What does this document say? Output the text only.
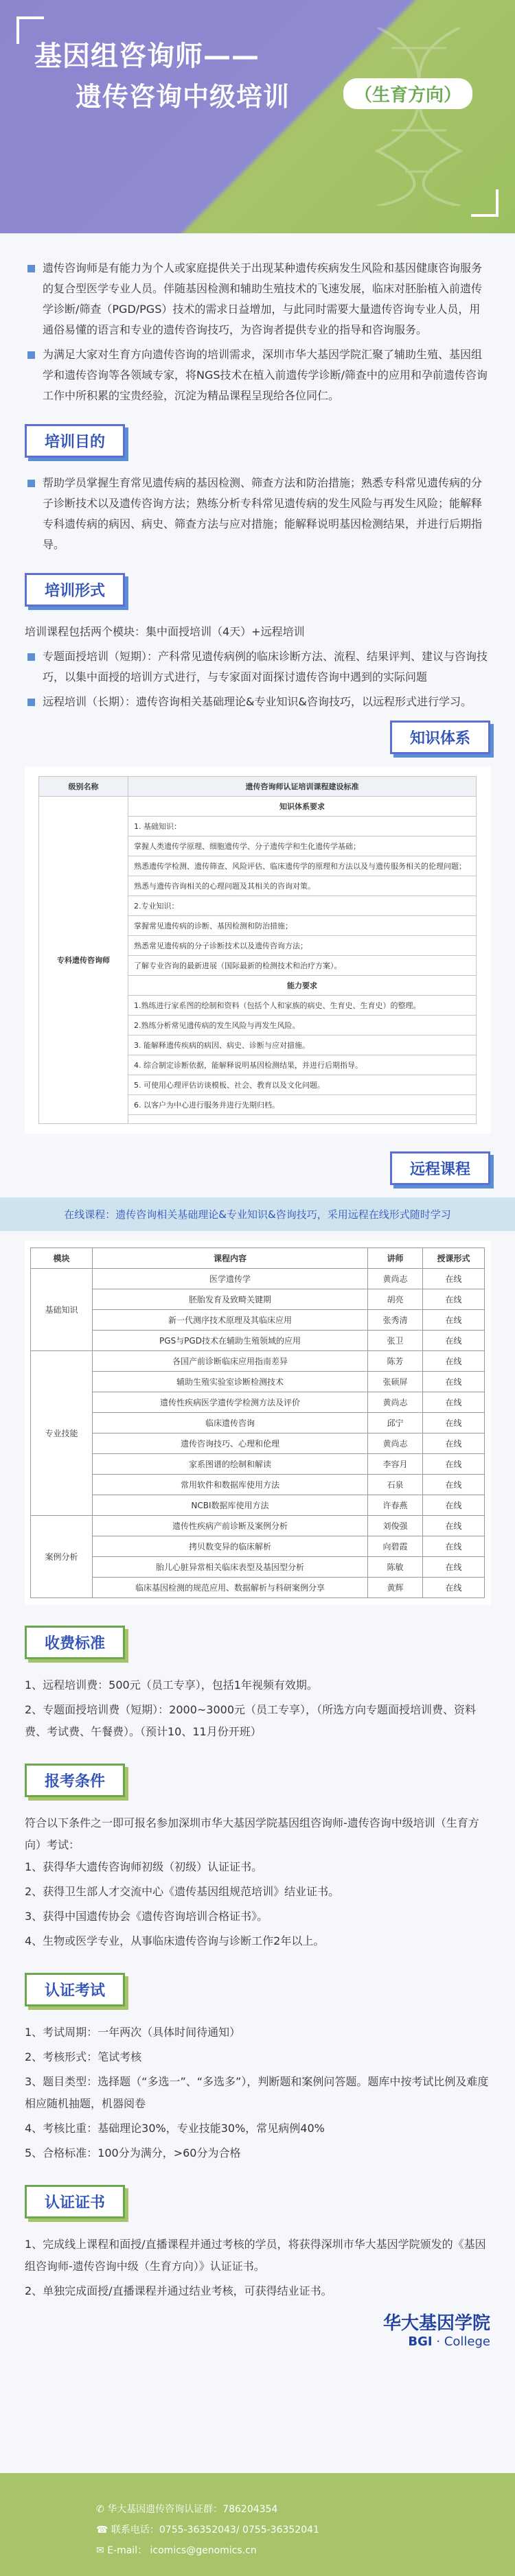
基因组咨询师——
遗传咨询中级培训	（生育方向）
遗传咨询师是有能力为个人或家庭提供关于出现某种遗传疾病发生风险和基因健康咨询服务的复合型医学专业人员。伴随基因检测和辅助生殖技术的飞速发展，临床对胚胎植入前遗传学诊断/筛查（PGD/PGS）技术的需求日益增加，与此同时需要大量遗传咨询专业人员，用通俗易懂的语言和专业的遗传咨询技巧，为咨询者提供专业的指导和咨询服务。
为满足大家对生育方向遗传咨询的培训需求，深圳市华大基因学院汇聚了辅助生殖、基因组学和遗传咨询等各领域专家，将NGS技术在植入前遗传学诊断/筛查中的应用和孕前遗传咨询工作中所积累的宝贵经验，沉淀为精品课程呈现给各位同仁。
培训目的
帮助学员掌握生育常见遗传病的基因检测、筛查方法和防治措施；熟悉专科常见遗传病的分子诊断技术以及遗传咨询方法；熟练分析专科常见遗传病的发生风险与再发生风险；能解释专科遗传病的病因、病史、筛查方法与应对措施；能解释说明基因检测结果，并进行后期指导。
培训形式

培训课程包括两个模块：集中面授培训（4天）+远程培训

专题面授培训（短期）：产科常见遗传病例的临床诊断方法、流程、结果评判、建议与咨询技巧，以集中面授的培训方式进行，与专家面对面探讨遗传咨询中遇到的实际问题
远程培训（长期）：遗传咨询相关基础理论&专业知识&咨询技巧，以远程形式进行学习。
知识体系
级别名称	遗传咨询师认证培训课程建设标准
专科遗传咨询师	知识体系要求
	1. 基础知识：
	掌握人类遗传学原理、细胞遗传学、分子遗传学和生化遗传学基础；
	熟悉遗传学检测、遗传筛查、风险评估、临床遗传学的原理和方法以及与遗传服务相关的伦理问题；
	熟悉与遗传咨询相关的心理问题及其相关的咨询对策。
	2.专业知识：
	掌握常见遗传病的诊断、基因检测和防治措施；
	熟悉常见遗传病的分子诊断技术以及遗传咨询方法；
	了解专业咨询的最新进展（国际最新的检测技术和治疗方案）。
	能力要求
	1.熟练进行家系图的绘制和资料（包括个人和家族的病史、生育史、生育史）的整理。
	2.熟练分析常见遗传病的发生风险与再发生风险。
	3. 能解释遗传疾病的病因、病史、诊断与应对措施。
	4. 综合制定诊断依据，能解释说明基因检测结果，并进行后期指导。
	5. 可使用心理评估访谈模板、社会、教育以及文化问题。
	6. 以客户为中心进行服务并进行先期归档。

远程课程
在线课程：遗传咨询相关基础理论&专业知识&咨询技巧，采用远程在线形式随时学习
模块	课程内容	讲师	授课形式
基础知识	医学遗传学	黄尚志	在线
	胚胎发育及致畸关键期	胡亮	在线
	新一代测序技术原理及其临床应用	张秀清	在线
	PGS与PGD技术在辅助生殖领域的应用	张卫	在线
专业技能	各国产前诊断临床应用指南差异	陈芳	在线
	辅助生殖实验室诊断检测技术	张硕屏	在线
	遗传性疾病医学遗传学检测方法及评价	黄尚志	在线
	临床遗传咨询	邱宁	在线
	遗传咨询技巧、心理和伦理	黄尚志	在线
	家系图谱的绘制和解读	李容月	在线
	常用软件和数据库使用方法	石泉	在线
	NCBI数据库使用方法	许春燕	在线
案例分析	遗传性疾病产前诊断及案例分析	刘俊强	在线
	拷贝数变异的临床解析	向碧霞	在线
	胎儿心脏异常相关临床表型及基因型分析	陈敏	在线
	临床基因检测的规范应用、数据解析与科研案例分享	黄辉	在线
收费标准
1、远程培训费：500元（员工专享），包括1年视频有效期。
2、专题面授培训费（短期）：2000~3000元（员工专享），（所选方向专题面授培训费、资料费、考试费、午餐费）。（预计10、11月份开班）
报考条件

符合以下条件之一即可报名参加深圳市华大基因学院基因组咨询师-遗传咨询中级培训（生育方向）考试：

1、获得华大遗传咨询师初级（初级）认证证书。
2、获得卫生部人才交流中心《遗传基因组规范培训》结业证书。
3、获得中国遗传协会《遗传咨询培训合格证书》。
4、生物或医学专业，从事临床遗传咨询与诊断工作2年以上。
认证考试
1、考试周期：一年两次（具体时间待通知）
2、考核形式：笔试考核
3、题目类型：选择题（“多选一”、“多选多”），判断题和案例问答题。题库中按考试比例及难度相应随机抽题，机器阅卷
4、考核比重：基础理论30%，专业技能30%，常见病例40%
5、合格标准：100分为满分，>60分为合格
认证证书
1、完成线上课程和面授/直播课程并通过考核的学员，将获得深圳市华大基因学院颁发的《基因组咨询师-遗传咨询中级（生育方向）》认证证书。
2、单独完成面授/直播课程并通过结业考核，可获得结业证书。
华大基因学院
BGI · College
✆ 华大基因遗传咨询认证群：786204354
☎ 联系电话：0755-36352043/ 0755-36352041
✉ E-mail： icomics@genomics.cn
